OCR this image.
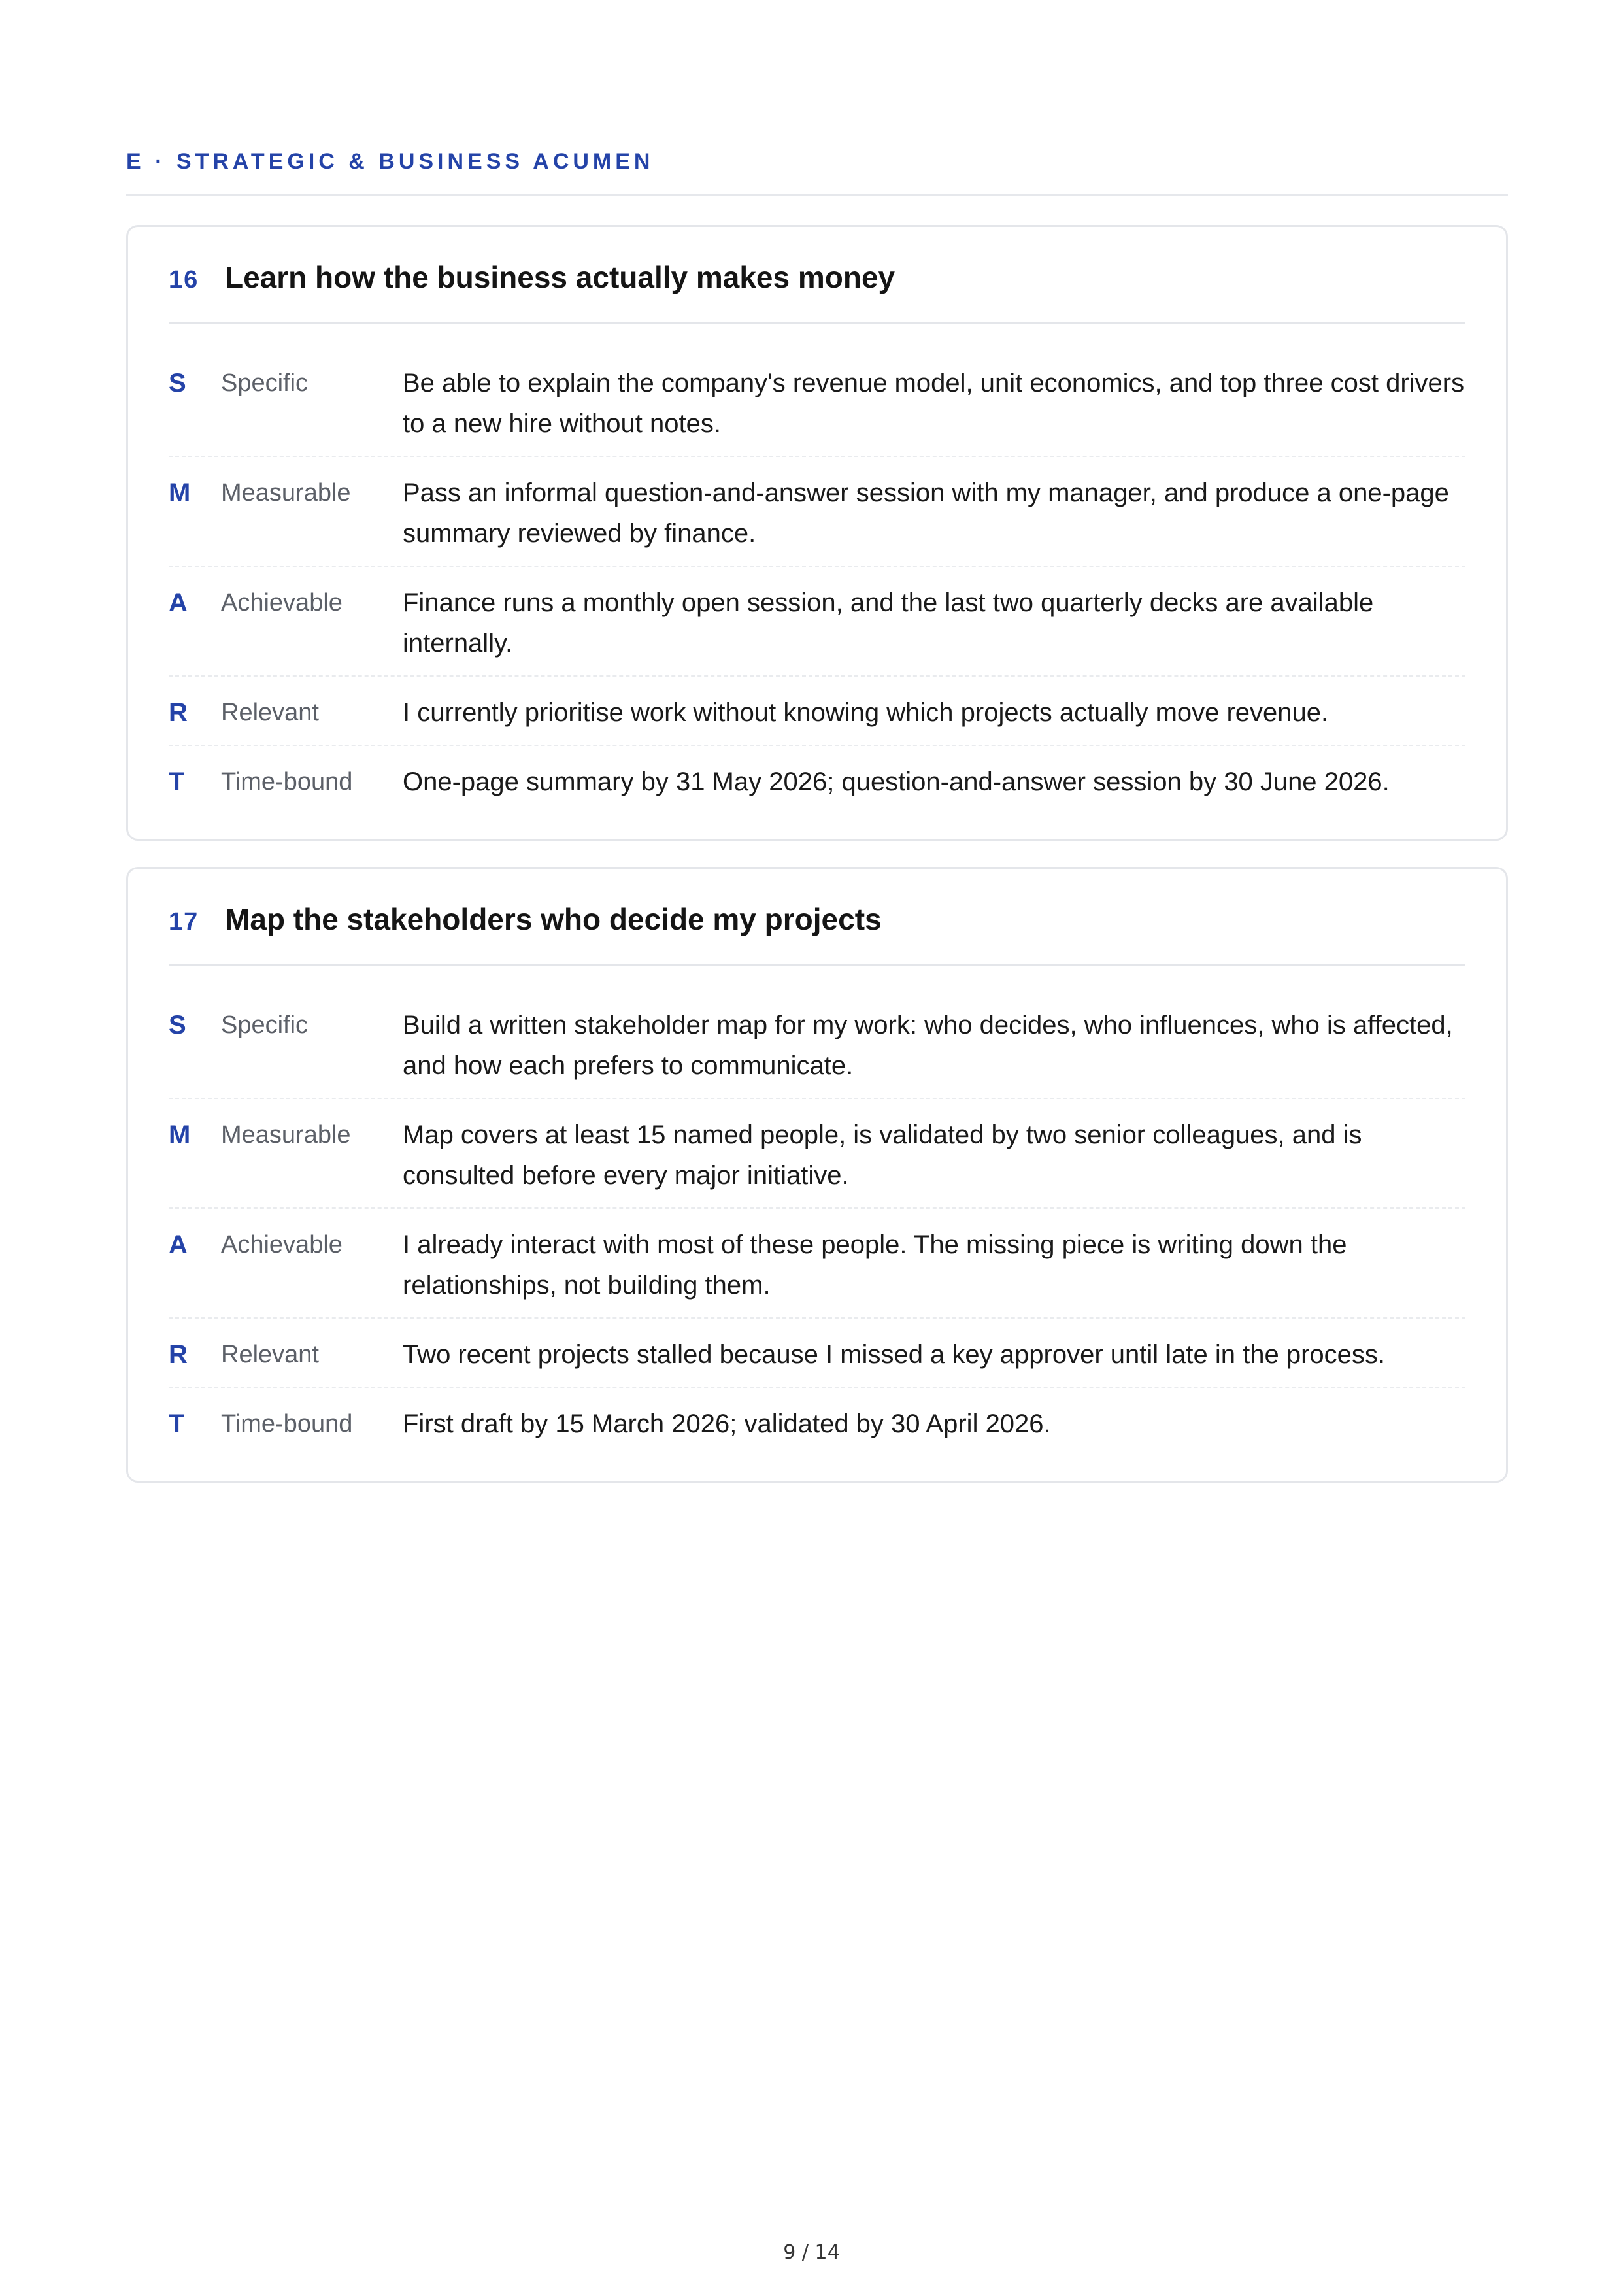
E · STRATEGIC & BUSINESS ACUMEN
16 Learn how the business actually makes money
S	Specific	Be able to explain the company's revenue model, unit economics, and top three cost drivers to a new hire without notes.
M	Measurable	Pass an informal question-and-answer session with my manager, and produce a one-page summary reviewed by finance.
A	Achievable	Finance runs a monthly open session, and the last two quarterly decks are available internally.
R	Relevant	I currently prioritise work without knowing which projects actually move revenue.
T	Time-bound	One-page summary by 31 May 2026; question-and-answer session by 30 June 2026.
17 Map the stakeholders who decide my projects
S	Specific	Build a written stakeholder map for my work: who decides, who influences, who is affected, and how each prefers to communicate.
M	Measurable	Map covers at least 15 named people, is validated by two senior colleagues, and is consulted before every major initiative.
A	Achievable	I already interact with most of these people. The missing piece is writing down the relationships, not building them.
R	Relevant	Two recent projects stalled because I missed a key approver until late in the process.
T	Time-bound	First draft by 15 March 2026; validated by 30 April 2026.
9 / 14
